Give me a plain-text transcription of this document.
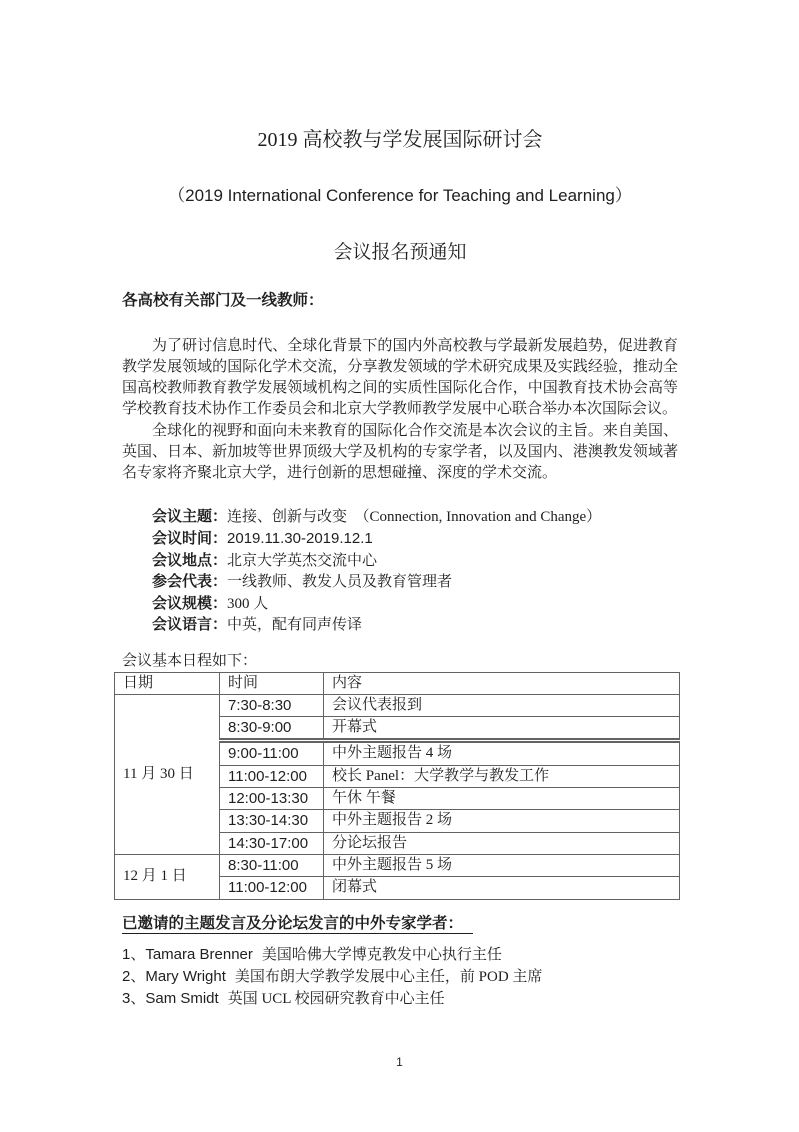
2019 高校教与学发展国际研讨会
（2019 International Conference for Teaching and Learning）
会议报名预通知
各高校有关部门及一线教师：

为了研讨信息时代、全球化背景下的国内外高校教与学最新发展趋势，促进教育教学发展领域的国际化学术交流，分享教发领域的学术研究成果及实践经验，推动全国高校教师教育教学发展领域机构之间的实质性国际化合作，中国教育技术协会高等学校教育技术协作工作委员会和北京大学教师教学发展中心联合举办本次国际会议。

全球化的视野和面向未来教育的国际化合作交流是本次会议的主旨。来自美国、英国、日本、新加坡等世界顶级大学及机构的专家学者，以及国内、港澳教发领域著名专家将齐聚北京大学，进行创新的思想碰撞、深度的学术交流。

会议主题：连接、创新与改变　（Connection, Innovation and Change）
会议时间：2019.11.30-2019.12.1
会议地点：北京大学英杰交流中心
参会代表：一线教师、教发人员及教育管理者
会议规模：300 人
会议语言：中英，配有同声传译
会议基本日程如下：
日期	时间	内容
11 月 30 日	7:30-8:30	会议代表报到
	8:30-9:00	开幕式
	9:00-11:00	中外主题报告 4 场
	11:00-12:00	校长 Panel：大学教学与教发工作
	12:00-13:30	午休 午餐
	13:30-14:30	中外主题报告 2 场
	14:30-17:00	分论坛报告
12 月 1 日	8:30-11:00	中外主题报告 5 场
	11:00-12:00	闭幕式
已邀请的主题发言及分论坛发言的中外专家学者：
1、Tamara Brenner 美国哈佛大学博克教发中心执行主任
2、Mary Wright 美国布朗大学教学发展中心主任，前 POD 主席
3、Sam Smidt 英国 UCL 校园研究教育中心主任
1
